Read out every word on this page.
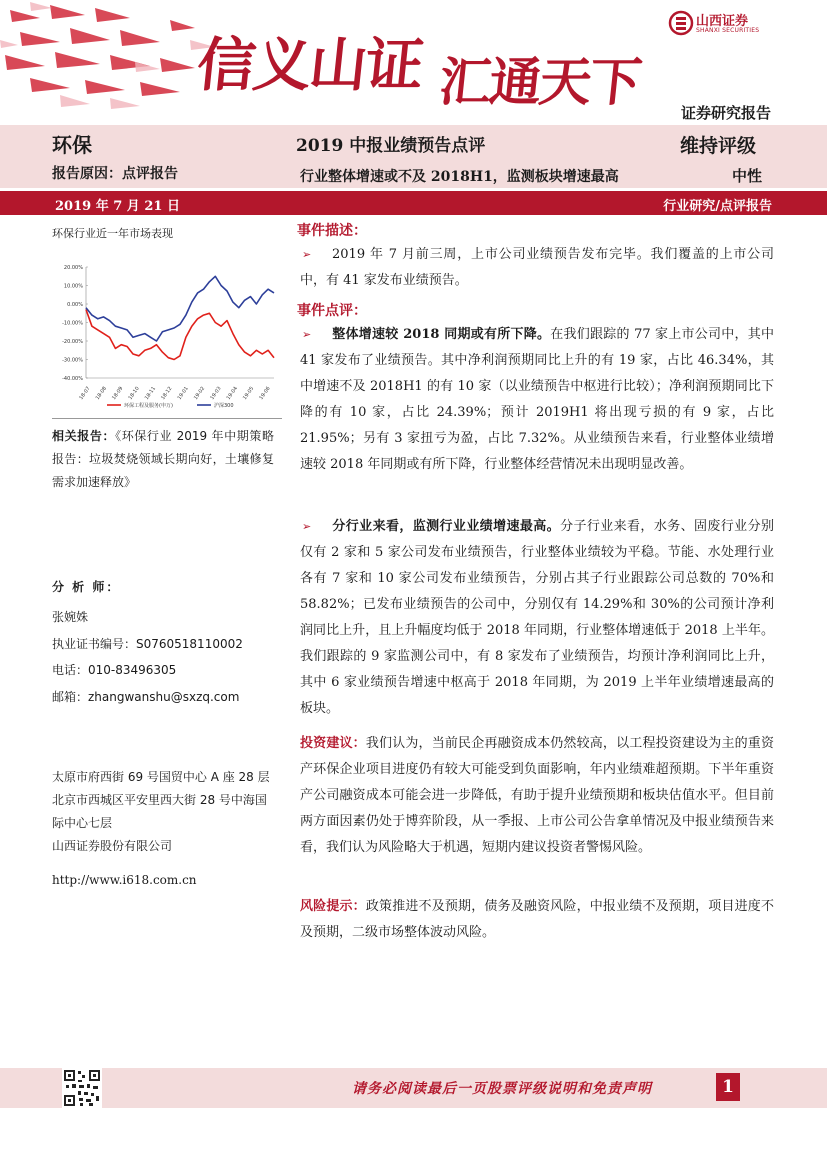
信义山证 汇通天下
山西证券
SHANXI SECURITIES
证券研究报告
环保	2019 中报业绩预告点评	维持评级
报告原因：点评报告	行业整体增速或不及 2018H1，监测板块增速最高	中性
2019 年 7 月 21 日	行业研究/点评报告
环保行业近一年市场表现
20.00%
10.00%
0.00%
-10.00%
-20.00%
-30.00%
-40.00%
18-07 18-08 18-09 18-10 18-11 18-12 19-01 19-02 19-03 19-04 19-05 19-06
环保工程及服务(申万)	沪深300
相关报告：《环保行业 2019 年中期策略报告：垃圾焚烧领域长期向好，土壤修复需求加速释放》
分 析 师：
张婉姝
执业证书编号：S0760518110002
电话：010-83496305
邮箱：zhangwanshu@sxzq.com
太原市府西街 69 号国贸中心 A 座 28 层
北京市西城区平安里西大街 28 号中海国际中心七层
山西证券股份有限公司
http://www.i618.com.cn
事件描述：
➢ 2019 年 7 月前三周，上市公司业绩预告发布完毕。我们覆盖的上市公司中，有 41 家发布业绩预告。
事件点评：
➢ 整体增速较 2018 同期或有所下降。在我们跟踪的 77 家上市公司中，其中 41 家发布了业绩预告。其中净利润预期同比上升的有 19 家，占比 46.34%，其中增速不及 2018H1 的有 10 家（以业绩预告中枢进行比较）；净利润预期同比下降的有 10 家，占比 24.39%；预计 2019H1 将出现亏损的有 9 家，占比 21.95%；另有 3 家扭亏为盈，占比 7.32%。从业绩预告来看，行业整体业绩增速较 2018 年同期或有所下降，行业整体经营情况未出现明显改善。
➢ 分行业来看，监测行业业绩增速最高。分子行业来看，水务、固废行业分别仅有 2 家和 5 家公司发布业绩预告，行业整体业绩较为平稳。节能、水处理行业各有 7 家和 10 家公司发布业绩预告，分别占其子行业跟踪公司总数的 70%和 58.82%；已发布业绩预告的公司中，分别仅有 14.29%和 30%的公司预计净利润同比上升，且上升幅度均低于 2018 年同期，行业整体增速低于 2018 上半年。我们跟踪的 9 家监测公司中，有 8 家发布了业绩预告，均预计净利润同比上升，其中 6 家业绩预告增速中枢高于 2018 年同期，为 2019 上半年业绩增速最高的板块。
投资建议：我们认为，当前民企再融资成本仍然较高，以工程投资建设为主的重资产环保企业项目进度仍有较大可能受到负面影响，年内业绩难超预期。下半年重资产公司融资成本可能会进一步降低，有助于提升业绩预期和板块估值水平。但目前两方面因素仍处于博弈阶段，从一季报、上市公司公告拿单情况及中报业绩预告来看，我们认为风险略大于机遇，短期内建议投资者警惕风险。
风险提示：政策推进不及预期，债务及融资风险，中报业绩不及预期，项目进度不及预期，二级市场整体波动风险。
请务必阅读最后一页股票评级说明和免责声明	1
